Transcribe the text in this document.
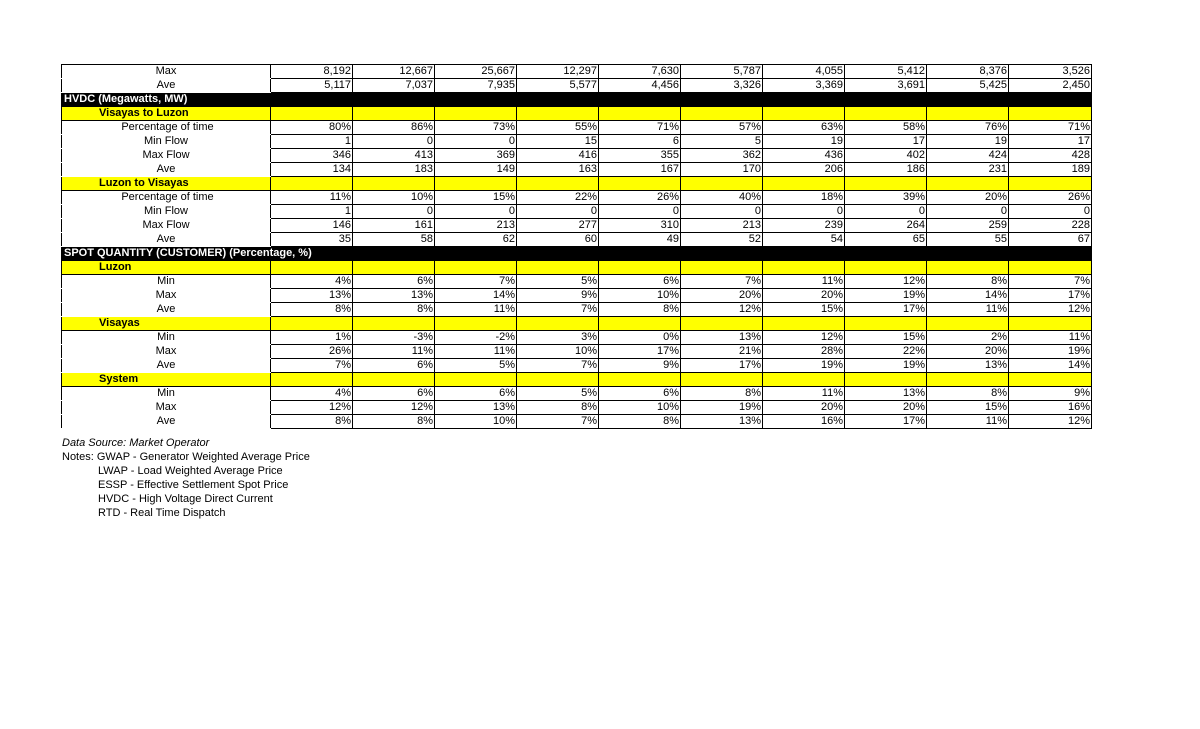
Max	8,192	12,667	25,667	12,297	7,630	5,787	4,055	5,412	8,376	3,526
Ave	5,117	7,037	7,935	5,577	4,456	3,326	3,369	3,691	5,425	2,450
HVDC (Megawatts, MW)										
Visayas to Luzon										
Percentage of time	80%	86%	73%	55%	71%	57%	63%	58%	76%	71%
Min Flow	1	0	0	15	6	5	19	17	19	17
Max Flow	346	413	369	416	355	362	436	402	424	428
Ave	134	183	149	163	167	170	206	186	231	189
Luzon to Visayas										
Percentage of time	11%	10%	15%	22%	26%	40%	18%	39%	20%	26%
Min Flow	1	0	0	0	0	0	0	0	0	0
Max Flow	146	161	213	277	310	213	239	264	259	228
Ave	35	58	62	60	49	52	54	65	55	67
SPOT QUANTITY (CUSTOMER) (Percentage, %)										
Luzon										
Min	4%	6%	7%	5%	6%	7%	11%	12%	8%	7%
Max	13%	13%	14%	9%	10%	20%	20%	19%	14%	17%
Ave	8%	8%	11%	7%	8%	12%	15%	17%	11%	12%
Visayas										
Min	1%	-3%	-2%	3%	0%	13%	12%	15%	2%	11%
Max	26%	11%	11%	10%	17%	21%	28%	22%	20%	19%
Ave	7%	6%	5%	7%	9%	17%	19%	19%	13%	14%
System										
Min	4%	6%	6%	5%	6%	8%	11%	13%	8%	9%
Max	12%	12%	13%	8%	10%	19%	20%	20%	15%	16%
Ave	8%	8%	10%	7%	8%	13%	16%	17%	11%	12%
Data Source: Market Operator
Notes: GWAP - Generator Weighted Average Price
LWAP - Load Weighted Average Price
ESSP - Effective Settlement Spot Price
HVDC - High Voltage Direct Current
RTD - Real Time Dispatch
